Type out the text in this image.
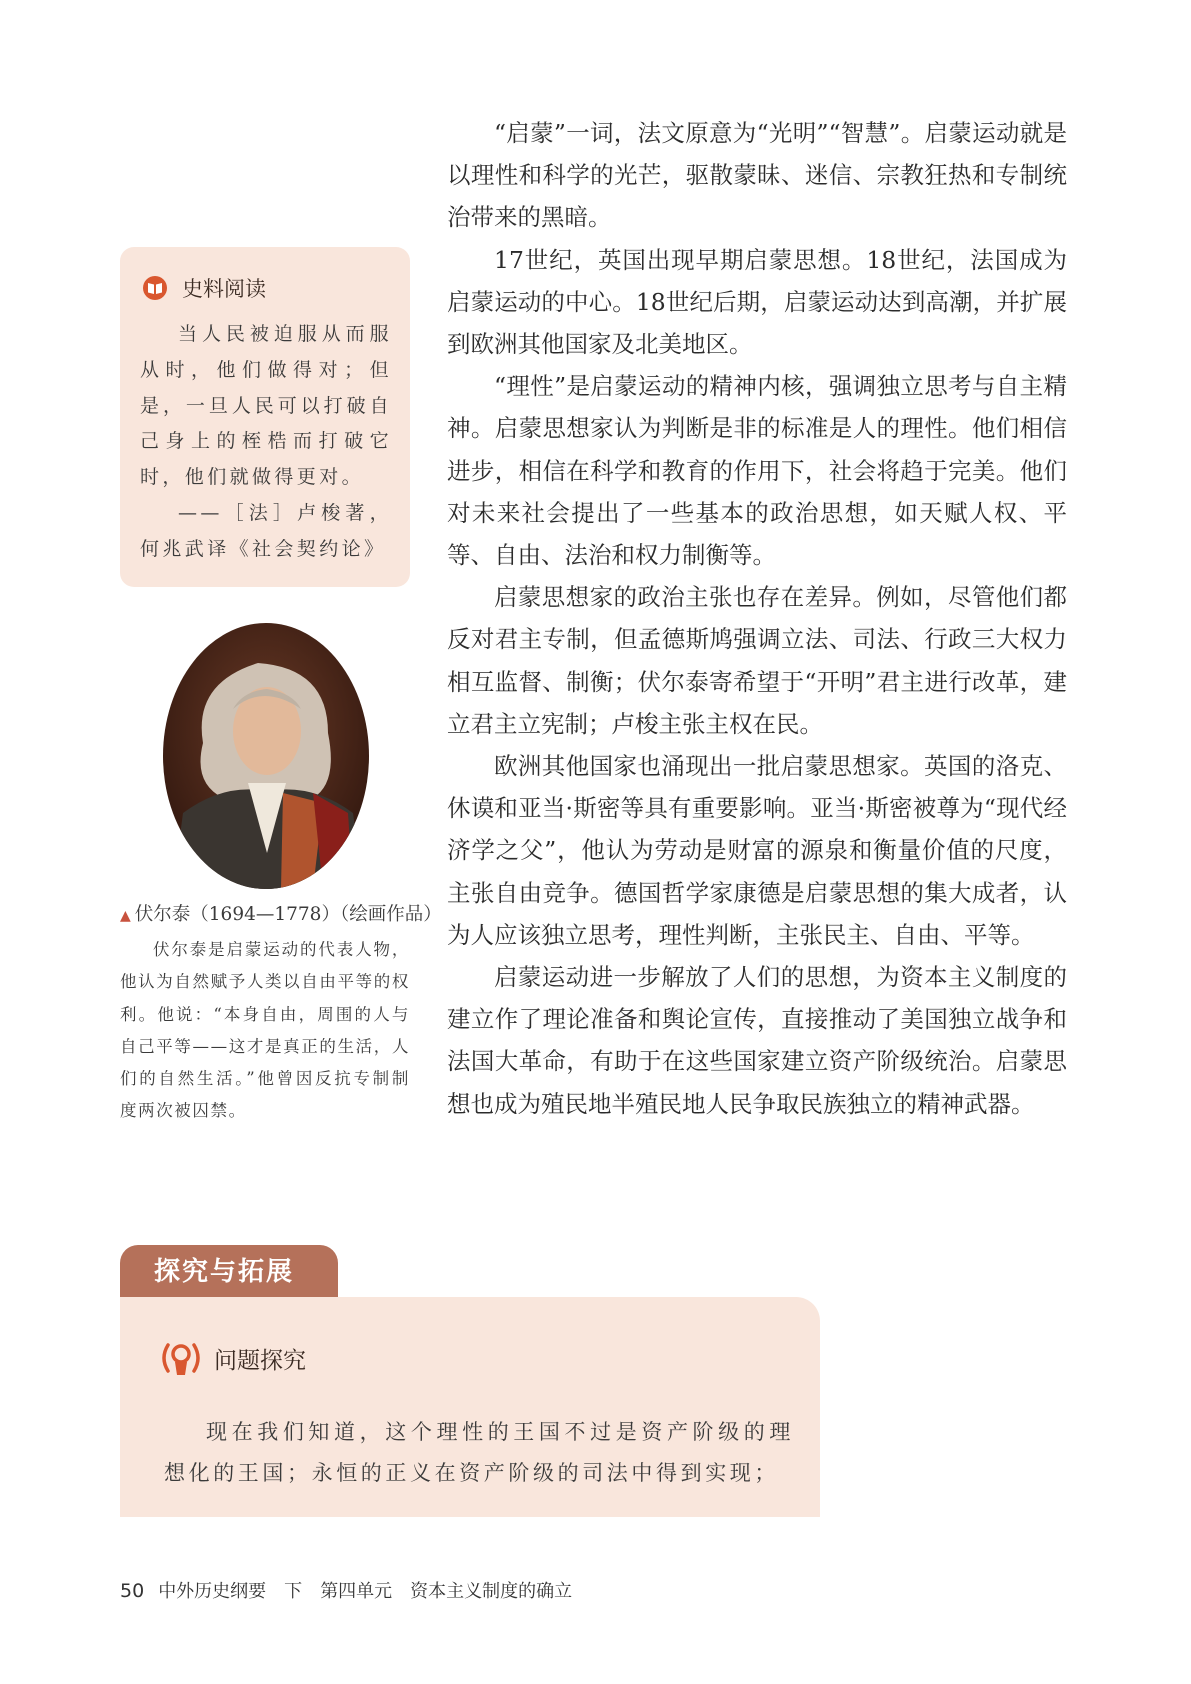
“启蒙”一词，法文原意为“光明”“智慧”。启蒙运动就是以理性和科学的光芒，驱散蒙昧、迷信、宗教狂热和专制统治带来的黑暗。

17世纪，英国出现早期启蒙思想。18世纪，法国成为启蒙运动的中心。18世纪后期，启蒙运动达到高潮，并扩展到欧洲其他国家及北美地区。

“理性”是启蒙运动的精神内核，强调独立思考与自主精神。启蒙思想家认为判断是非的标准是人的理性。他们相信进步，相信在科学和教育的作用下，社会将趋于完美。他们对未来社会提出了一些基本的政治思想，如天赋人权、平等、自由、法治和权力制衡等。

启蒙思想家的政治主张也存在差异。例如，尽管他们都反对君主专制，但孟德斯鸠强调立法、司法、行政三大权力相互监督、制衡；伏尔泰寄希望于“开明”君主进行改革，建立君主立宪制；卢梭主张主权在民。

欧洲其他国家也涌现出一批启蒙思想家。英国的洛克、休谟和亚当·斯密等具有重要影响。亚当·斯密被尊为“现代经济学之父”，他认为劳动是财富的源泉和衡量价值的尺度，主张自由竞争。德国哲学家康德是启蒙思想的集大成者，认为人应该独立思考，理性判断，主张民主、自由、平等。

启蒙运动进一步解放了人们的思想，为资本主义制度的建立作了理论准备和舆论宣传，直接推动了美国独立战争和法国大革命，有助于在这些国家建立资产阶级统治。启蒙思想也成为殖民地半殖民地人民争取民族独立的精神武器。

史料阅读

当人民被迫服从而服从时，他们做得对；但是，一旦人民可以打破自己身上的桎梏而打破它时，他们就做得更对。

——［法］卢梭著，何兆武译《社会契约论》

▲ 伏尔泰（1694—1778）（绘画作品）

伏尔泰是启蒙运动的代表人物，他认为自然赋予人类以自由平等的权利。他说：“本身自由，周围的人与自己平等——这才是真正的生活，人们的自然生活。”他曾因反抗专制制度两次被囚禁。

探究与拓展
问题探究

现在我们知道，这个理性的王国不过是资产阶级的理想化的王国；永恒的正义在资产阶级的司法中得到实现；

50 中外历史纲要　下 第四单元　资本主义制度的确立
